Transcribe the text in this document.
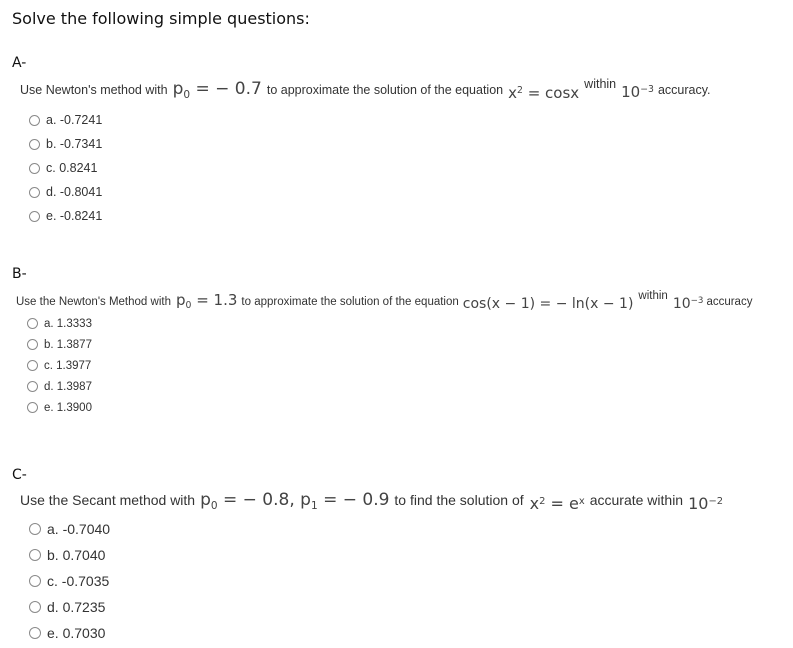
Solve the following simple questions:
A-
Use Newton's method with $p_0$ = − 0.7 to approximate the solution of the equation $x^2 = \cos x$ within $10^{-3}$ accuracy.
a. -0.7241
b. -0.7341
c. 0.8241
d. -0.8041
e. -0.8241
B-
Use the Newton's Method with $p_0 = 1.3$ to approximate the solution of the equation cos(x − 1) = − ln(x − 1) within $10^{-3}$ accuracy
a. 1.3333
b. 1.3877
c. 1.3977
d. 1.3987
e. 1.3900
C-
Use the Secant method with $p_0$ = − 0.8, $p_1$ = − 0.9 to find the solution of $x^2 = e^x$ accurate within $10^{-2}$
a. -0.7040
b. 0.7040
c. -0.7035
d. 0.7235
e. 0.7030
